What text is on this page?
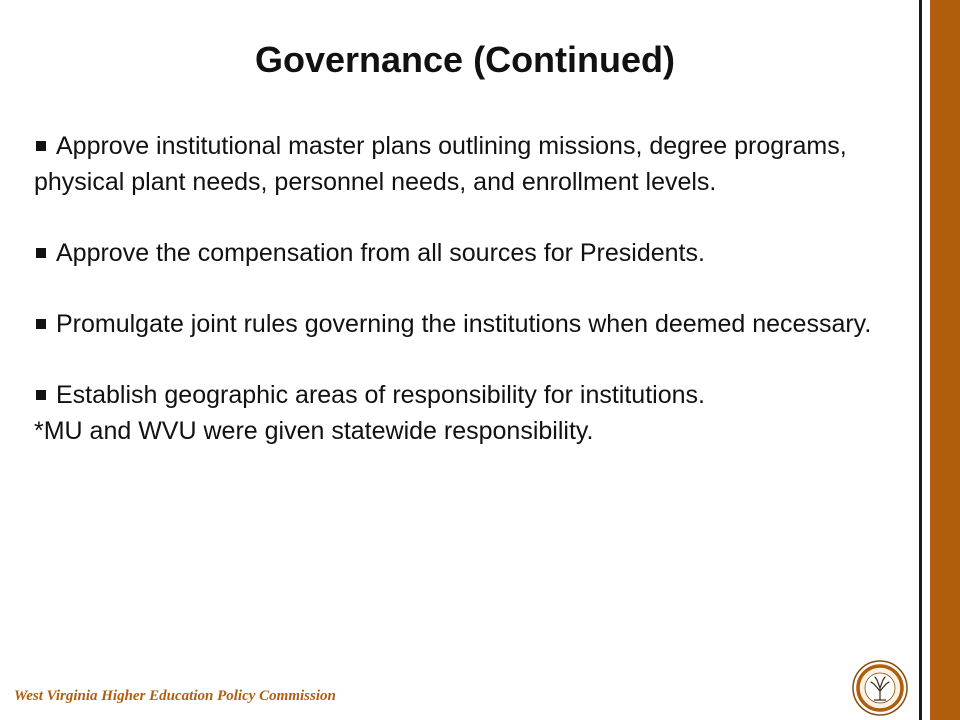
Governance (Continued)

Approve institutional master plans outlining missions, degree programs, physical plant needs, personnel needs, and enrollment levels.

Approve the compensation from all sources for Presidents.

Promulgate joint rules governing the institutions when deemed necessary.

Establish geographic areas of responsibility for institutions.
*MU and WVU were given statewide responsibility.

West Virginia Higher Education Policy Commission
